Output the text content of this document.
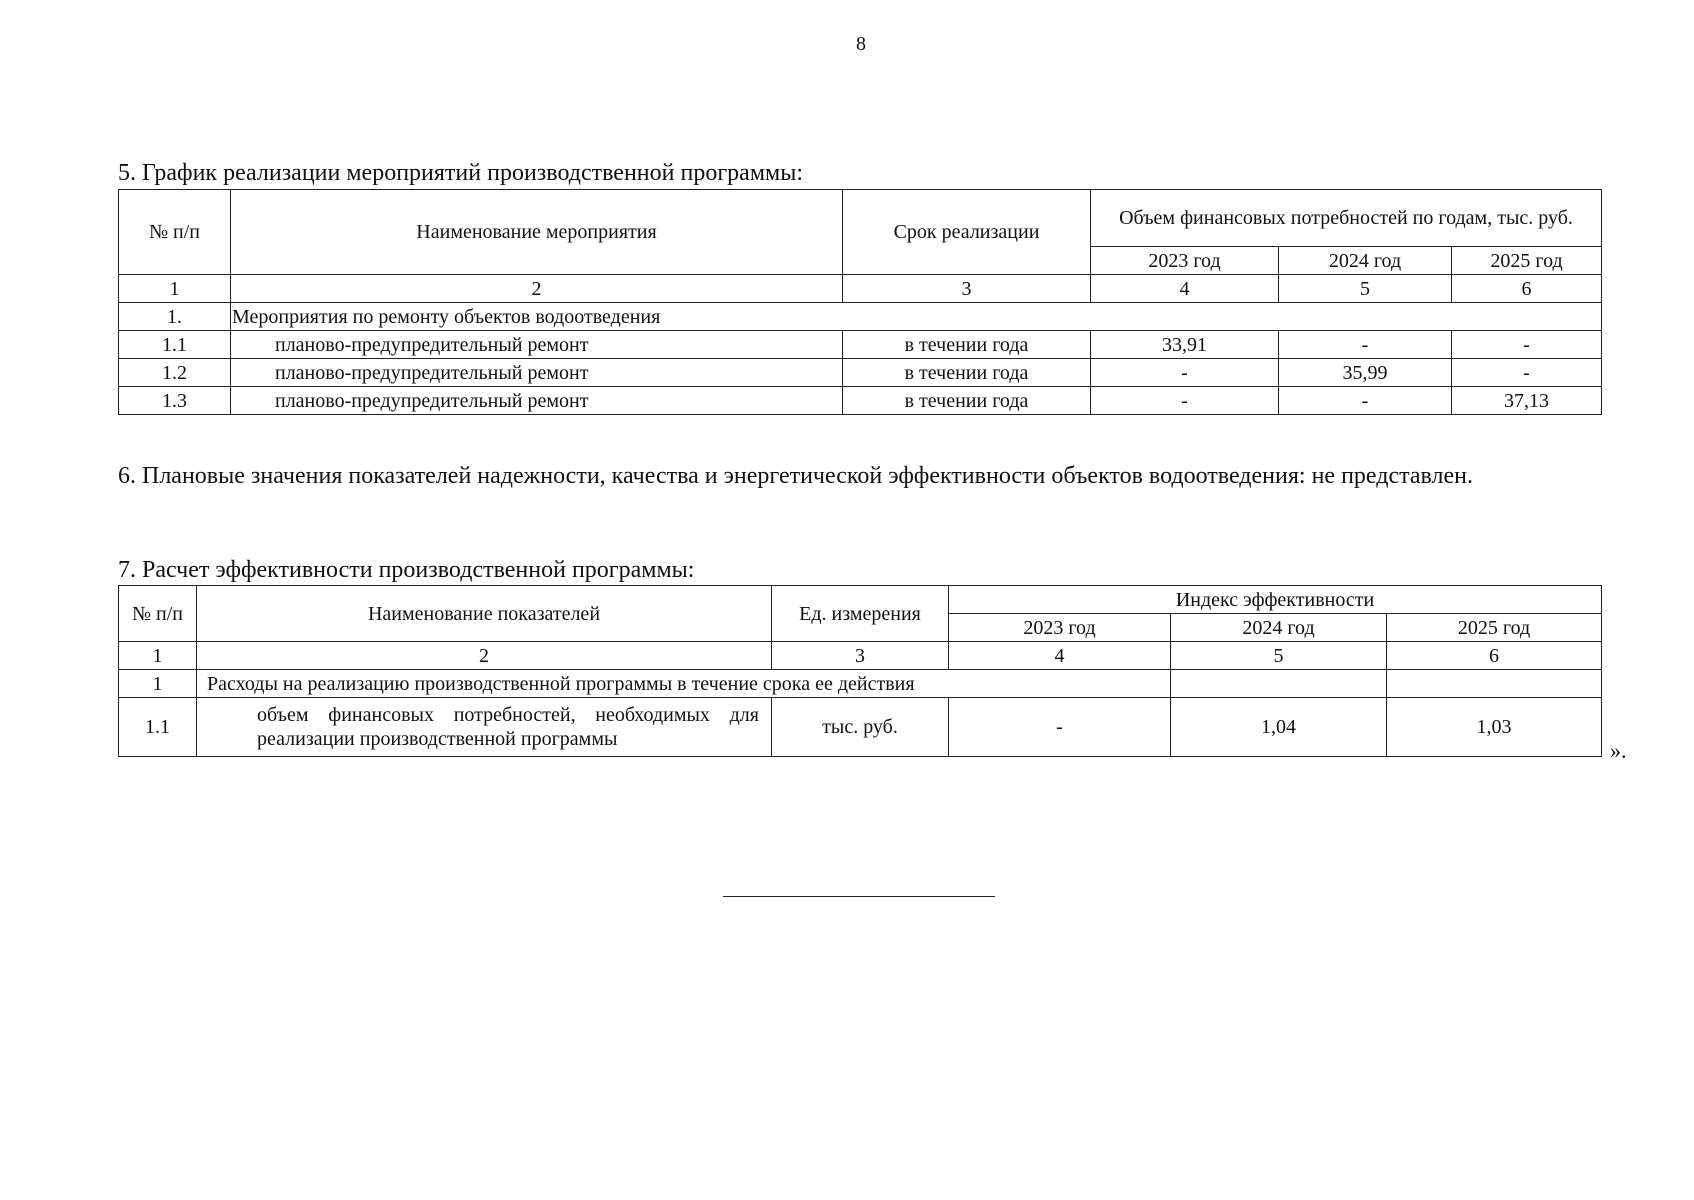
8
5. График реализации мероприятий производственной программы:
№ п/п	Наименование мероприятия	Срок реализации	Объем финансовых потребностей по годам, тыс. руб.		
			2023 год	2024 год	2025 год
1	2	3	4	5	6
1.	Мероприятия по ремонту объектов водоотведения				
1.1	планово-предупредительный ремонт	в течении года	33,91	-	-
1.2	планово-предупредительный ремонт	в течении года	-	35,99	-
1.3	планово-предупредительный ремонт	в течении года	-	-	37,13
6. Плановые значения показателей надежности, качества и энергетической эффективности объектов водоотведения: не представлен.
7. Расчет эффективности производственной программы:
№ п/п	Наименование показателей	Ед. измерения	Индекс эффективности		
			2023 год	2024 год	2025 год
1	2	3	4	5	6
1	Расходы на реализацию производственной программы в течение срока ее действия				
1.1	объем финансовых потребностей, необходимых для реализации производственной программы	тыс. руб.	-	1,04	1,03
».
